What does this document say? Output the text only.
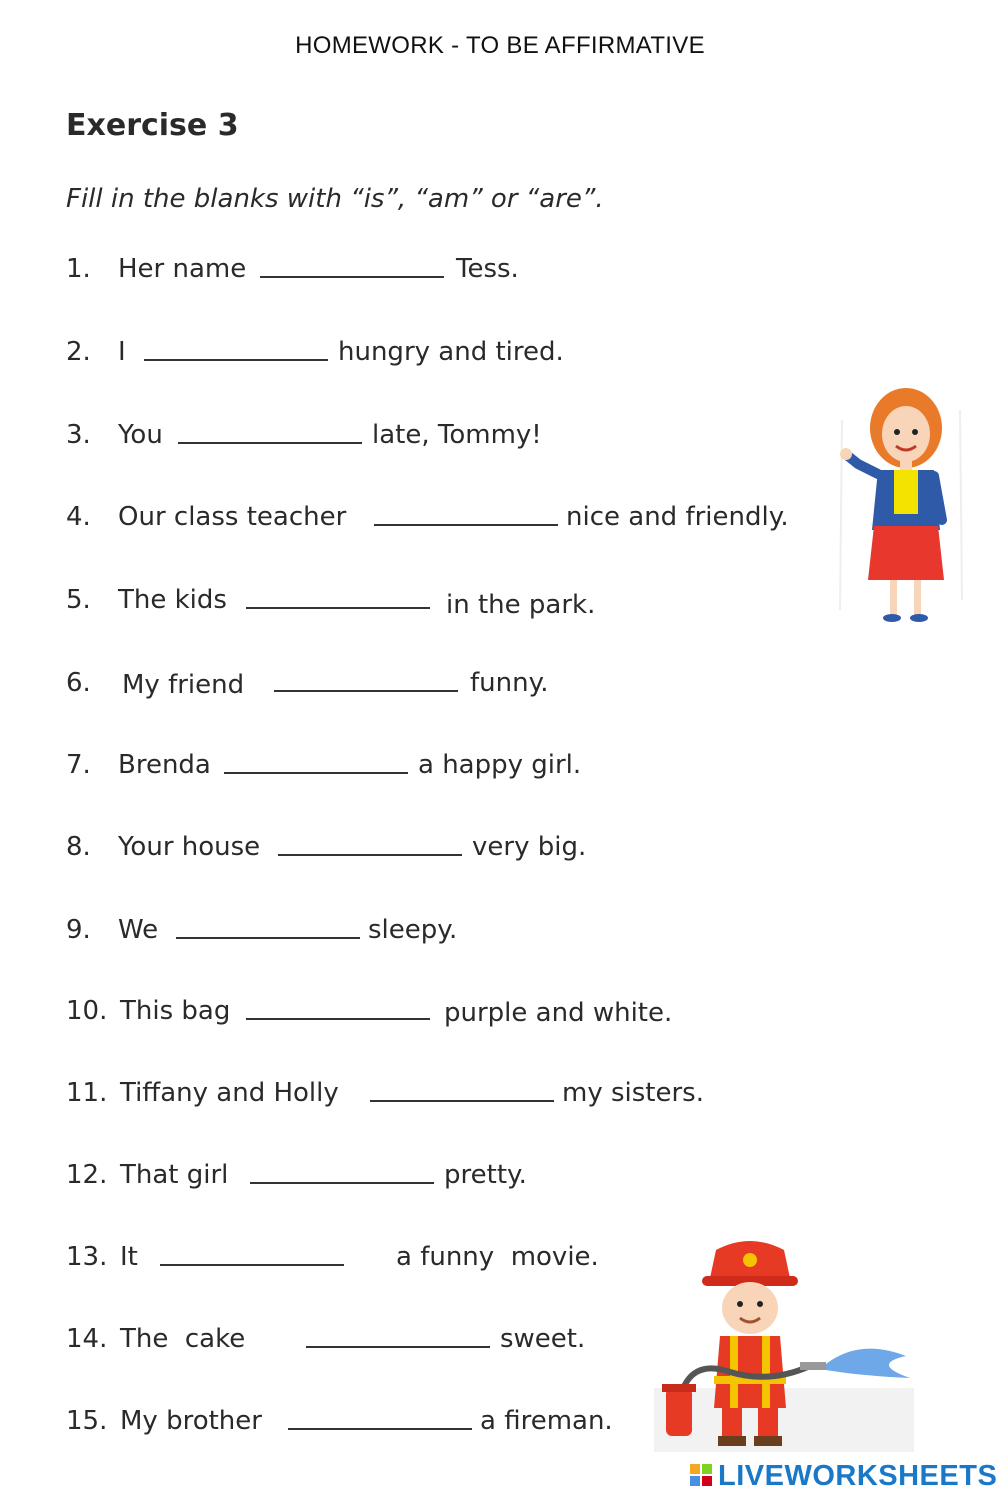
HOMEWORK - TO BE AFFIRMATIVE
Exercise 3
Fill in the blanks with “is”, “am” or “are”.
1. Her name	Tess.
2. I	hungry and tired.
3. You	late, Tommy!
4. Our class teacher	nice and friendly.
5. The kids	in the park.
6. My friend	funny.
7. Brenda	a happy girl.
8. Your house	very big.
9. We	sleepy.
10. This bag	purple and white.
11. Tiffany and Holly	my sisters.
12. That girl	pretty.
13. It	a funny  movie.
14. The  cake	sweet.
15. My brother	a fireman.
LIVEWORKSHEETS
